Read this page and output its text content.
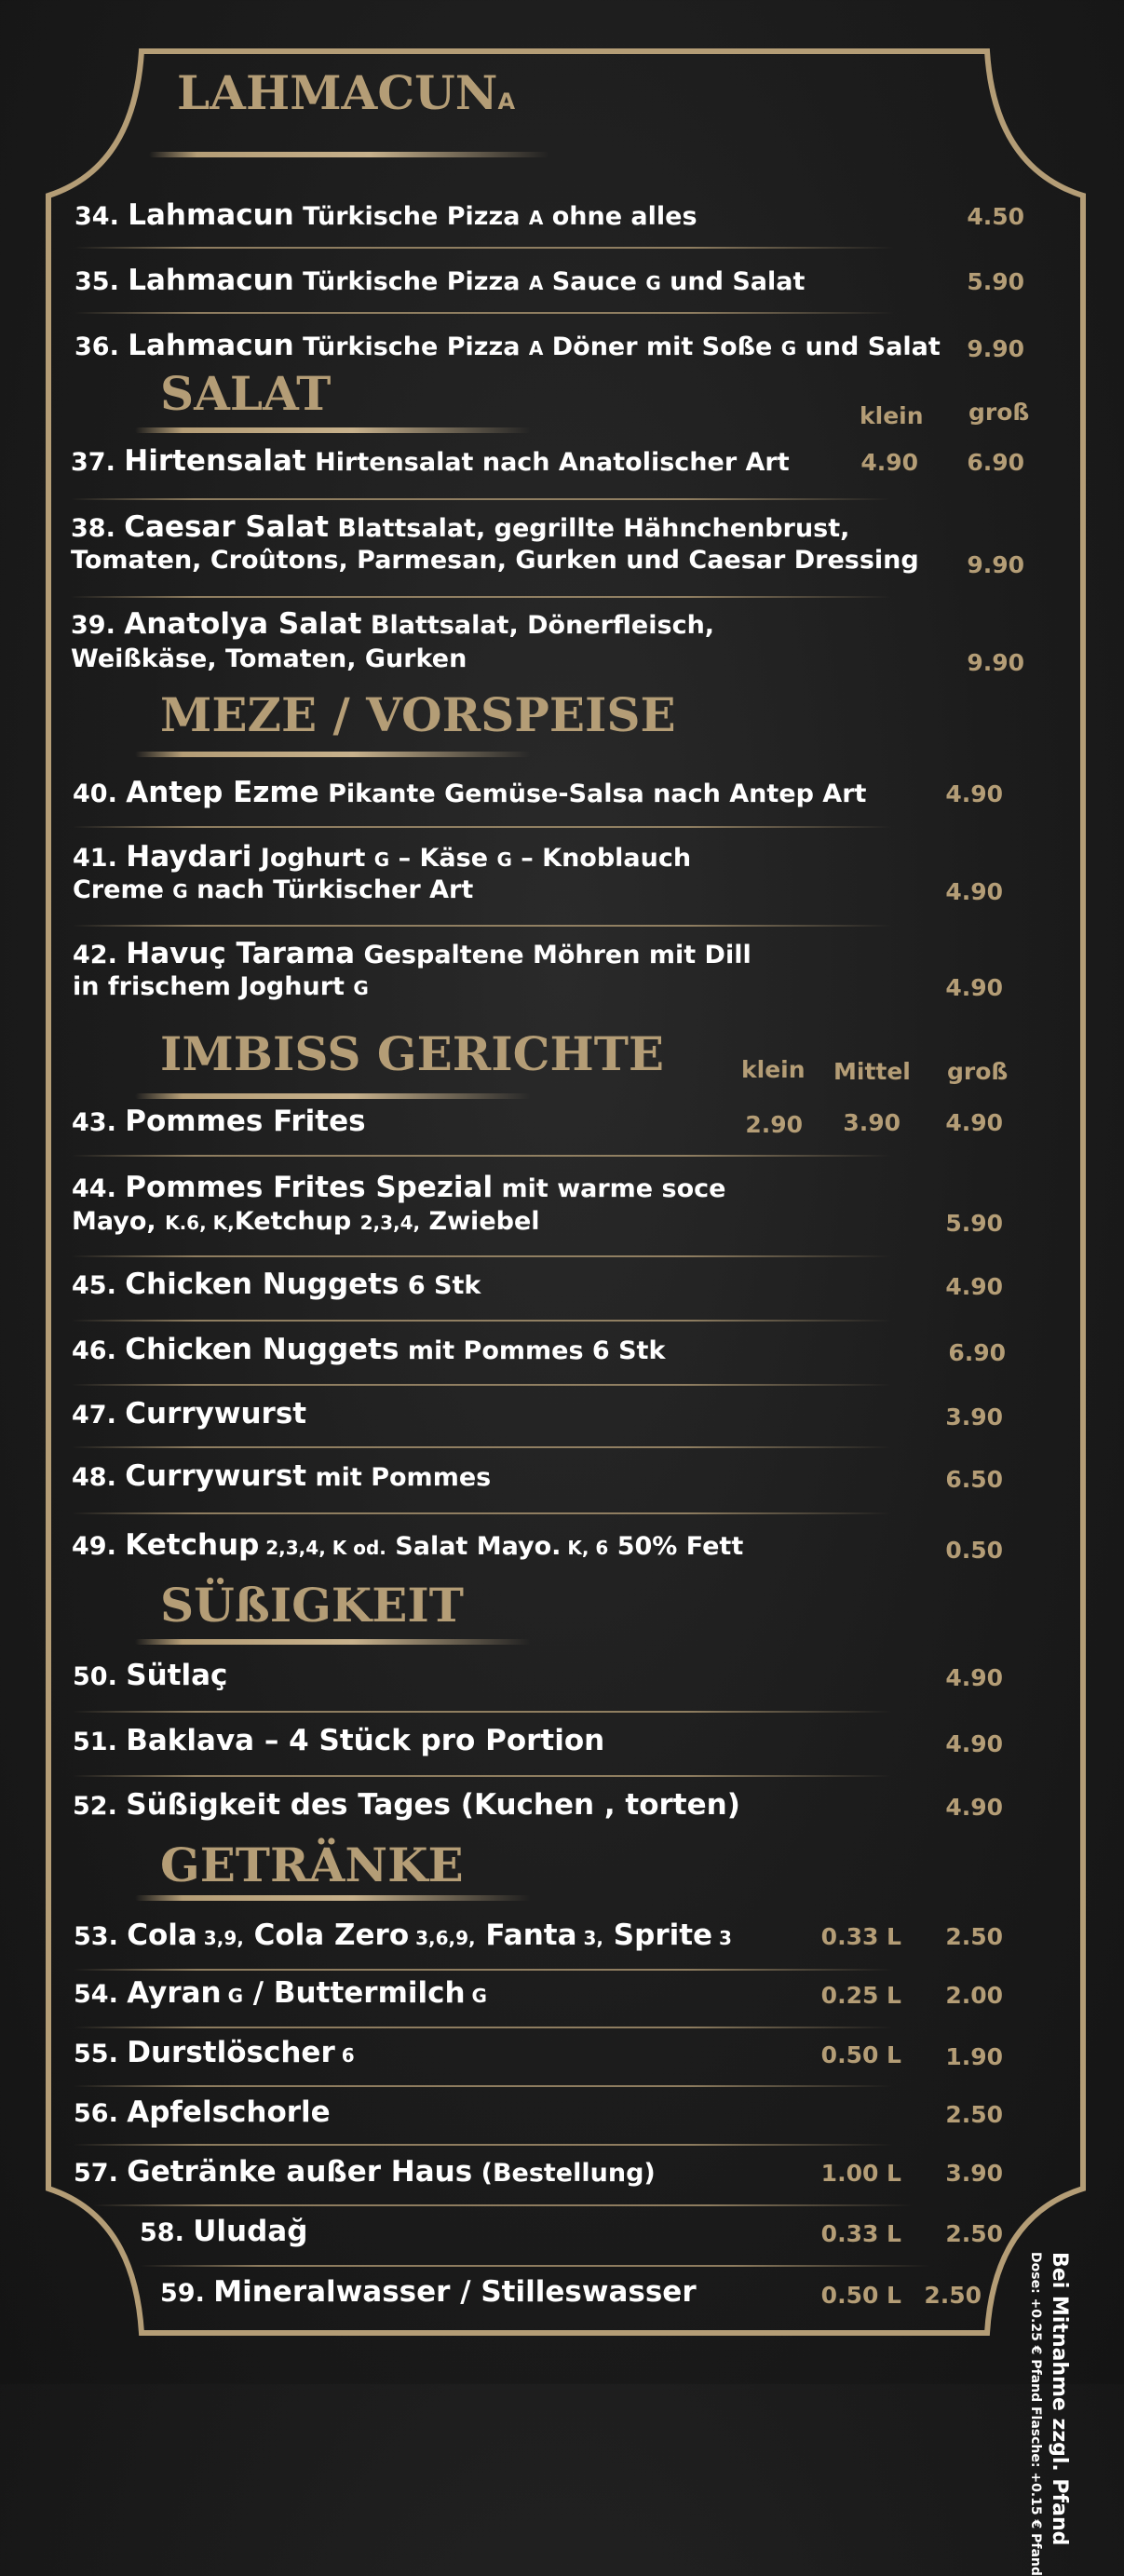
LAHMACUNA
34. Lahmacun Türkische Pizza A ohne alles	4.50
35. Lahmacun Türkische Pizza A Sauce G und Salat	5.90
36. Lahmacun Türkische Pizza A Döner mit Soße G und Salat	9.90
SALAT	klein groß
37. Hirtensalat Hirtensalat nach Anatolischer Art	4.90	6.90
38. Caesar Salat Blattsalat, gegrillte Hähnchenbrust,
Tomaten, Croûtons, Parmesan, Gurken und Caesar Dressing	9.90
39. Anatolya Salat Blattsalat, Dönerfleisch,
Weißkäse, Tomaten, Gurken	9.90
MEZE / VORSPEISE
40. Antep Ezme Pikante Gemüse-Salsa nach Antep Art	4.90
41. Haydari Joghurt G – Käse G – Knoblauch
Creme G nach Türkischer Art	4.90
42. Havuç Tarama Gespaltene Möhren mit Dill
in frischem Joghurt G	4.90
IMBISS GERICHTE	klein Mittel groß
43. Pommes Frites	2.90	3.90	4.90
44. Pommes Frites Spezial mit warme soce
Mayo, K.6, K,Ketchup 2,3,4, Zwiebel	5.90
45. Chicken Nuggets 6 Stk	4.90
46. Chicken Nuggets mit Pommes 6 Stk	6.90
47. Currywurst	3.90
48. Currywurst mit Pommes	6.50
49. Ketchup 2,3,4, K od. Salat Mayo. K, 6 50% Fett	0.50
SÜßIGKEIT
50. Sütlaç	4.90
51. Baklava – 4 Stück pro Portion	4.90
52. Süßigkeit des Tages (Kuchen , torten)	4.90
GETRÄNKE
53. Cola 3,9, Cola Zero 3,6,9, Fanta 3, Sprite 3	0.33 L	2.50
54. Ayran G / Buttermilch G	0.25 L	2.00
55. Durstlöscher 6	0.50 L	1.90
56. Apfelschorle	2.50
57. Getränke außer Haus (Bestellung)	1.00 L	3.90
58. Uludağ	0.33 L	2.50
59. Mineralwasser / Stilleswasser	0.50 L 2.50	Bei Mitnahme zzgl. Pfand
Dose: +0.25 € Pfand Flasche: +0.15 € Pfand
